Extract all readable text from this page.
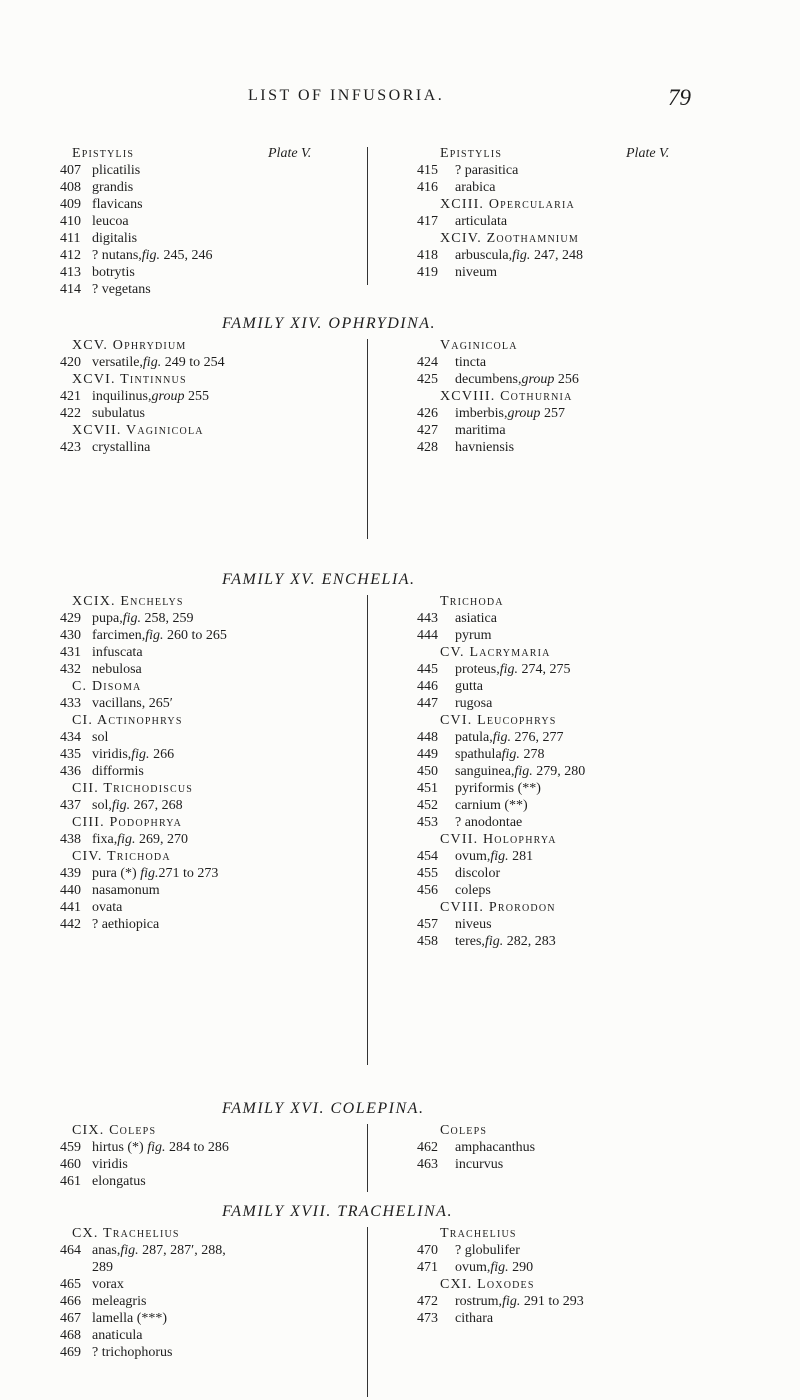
LIST OF INFUSORIA.	79
Epistylis	Plate V.
407 plicatilis
408 grandis
409 flavicans
410 leucoa
411 digitalis
412 ? nutans,fig. 245, 246
413 botrytis
414 ? vegetans
Epistylis	Plate V.
415	? parasitica
416	arabica
XCIII. Opercularia
417	articulata
XCIV. Zoothamnium
418	arbuscula,fig. 247, 248
419	niveum
FAMILY XIV. OPHRYDINA.
XCV. Ophrydium
420 versatile,fig. 249 to 254
XCVI. Tintinnus
421 inquilinus,group 255
422 subulatus
XCVII. Vaginicola
423 crystallina
Vaginicola
424	tincta
425	decumbens,group 256
XCVIII. Cothurnia
426	imberbis,group 257
427	maritima
428	havniensis
FAMILY XV. ENCHELIA.
XCIX. Enchelys
429 pupa,fig. 258, 259
430 farcimen,fig. 260 to 265
431 infuscata
432 nebulosa
C. Disoma
433 vacillans, 265′
CI. Actinophrys
434 sol
435 viridis,fig. 266
436 difformis
CII. Trichodiscus
437 sol,fig. 267, 268
CIII. Podophrya
438 fixa,fig. 269, 270
CIV. Trichoda
439 pura (*) fig.271 to 273
440 nasamonum
441 ovata
442 ? aethiopica
Trichoda
443	asiatica
444	pyrum
CV. Lacrymaria
445	proteus,fig. 274, 275
446	gutta
447	rugosa
CVI. Leucophrys
448	patula,fig. 276, 277
449	spathulafig. 278
450	sanguinea,fig. 279, 280
451	pyriformis (**)
452	carnium (**)
453	? anodontae
CVII. Holophrya
454	ovum,fig. 281
455	discolor
456	coleps
CVIII. Prorodon
457	niveus
458	teres,fig. 282, 283
FAMILY XVI. COLEPINA.
CIX. Coleps
459 hirtus (*) fig. 284 to 286
460 viridis
461 elongatus
Coleps
462	amphacanthus
463	incurvus
FAMILY XVII. TRACHELINA.
CX. Trachelius
464 anas,fig. 287, 287′, 288,
289
465 vorax
466 meleagris
467 lamella (***)
468 anaticula
469 ? trichophorus
Trachelius
470	? globulifer
471	ovum,fig. 290
CXI. Loxodes
472	rostrum,fig. 291 to 293
473	cithara
